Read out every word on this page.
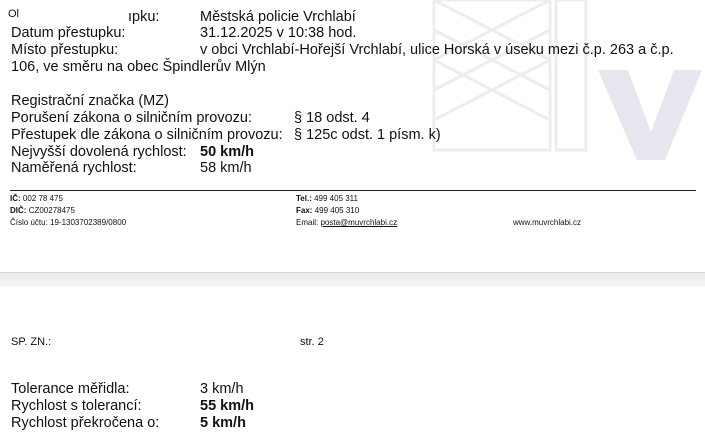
Ol	ıpku:	Městská policie Vrchlabí
Datum přestupku:	31.12.2025 v 10:38 hod.
Místo přestupku:	v obci Vrchlabí-Hořejší Vrchlabí, ulice Horská v úseku mezi č.p. 263 a č.p.
106, ve směru na obec Špindlerův Mlýn
Registrační značka (MZ)
Porušení zákona o silničním provozu:	§ 18 odst. 4
Přestupek dle zákona o silničním provozu: § 125c odst. 1 písm. k)
Nejvyšší dovolená rychlost: 50 km/h
Naměřená rychlost:	58 km/h
IČ: 002 78 475
DIČ: CZ00278475
Číslo účtu: 19-1303702389/0800
Tel.: 499 405 311
Fax: 499 405 310
Email: posta@muvrchlabi.cz	www.muvrchlabi.cz
SP. ZN.:	str. 2
Tolerance měřidla:	3 km/h
Rychlost s tolerancí:	55 km/h
Rychlost překročena o:	5 km/h
